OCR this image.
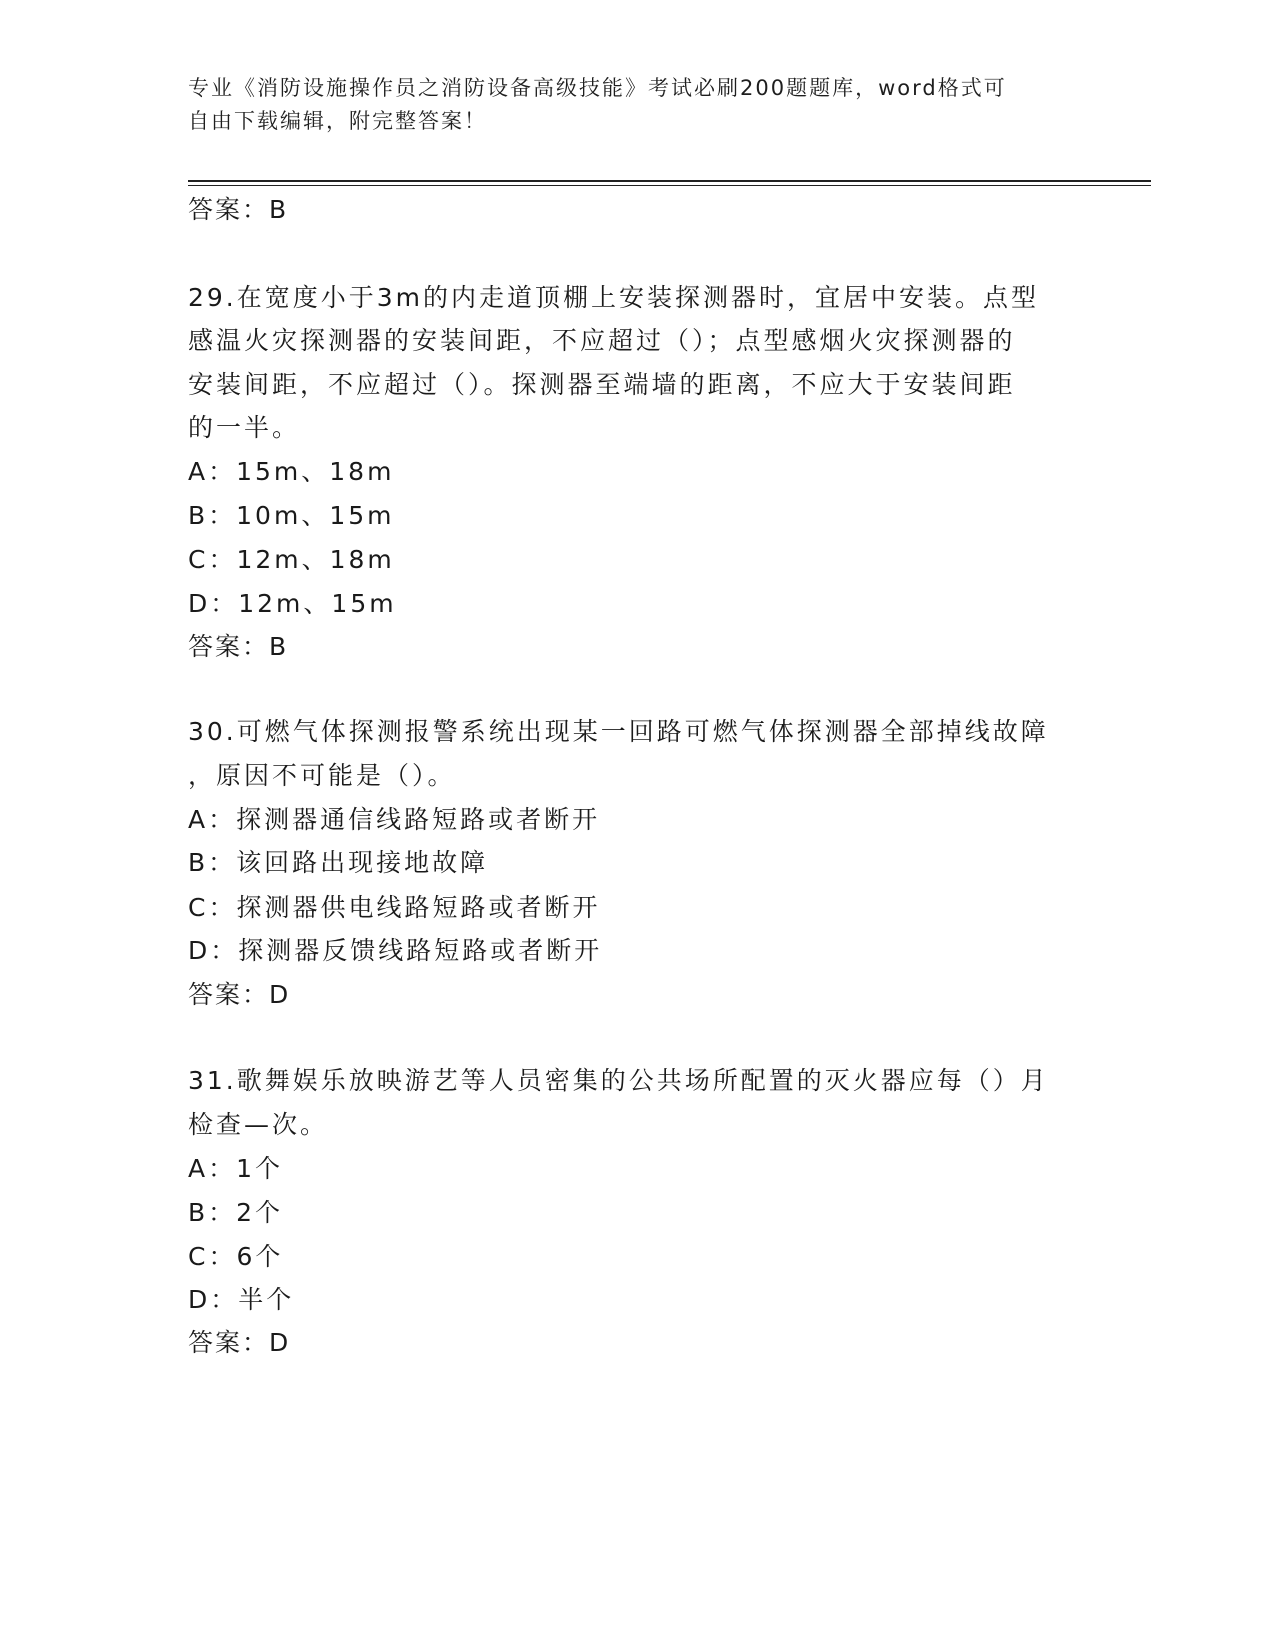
专业《消防设施操作员之消防设备高级技能》考试必刷200题题库，word格式可
自由下载编辑，附完整答案！
答案：B
29.在宽度小于3m的内走道顶棚上安装探测器时，宜居中安装。点型
感温火灾探测器的安装间距，不应超过（）；点型感烟火灾探测器的
安装间距，不应超过（）。探测器至端墙的距离，不应大于安装间距
的一半。
A：15m、18m
B：10m、15m
C：12m、18m
D：12m、15m
答案：B
30.可燃气体探测报警系统出现某一回路可燃气体探测器全部掉线故障
，原因不可能是（）。
A：探测器通信线路短路或者断开
B：该回路出现接地故障
C：探测器供电线路短路或者断开
D：探测器反馈线路短路或者断开
答案：D
31.歌舞娱乐放映游艺等人员密集的公共场所配置的灭火器应每（）月
检查—次。
A：1个
B：2个
C：6个
D：半个
答案：D
